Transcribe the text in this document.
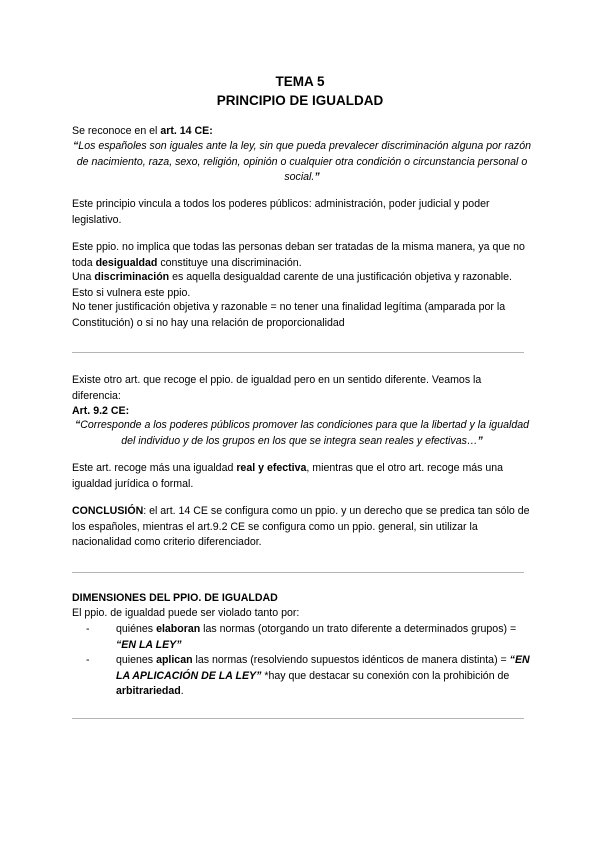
TEMA 5
PRINCIPIO DE IGUALDAD
Se reconoce en el art. 14 CE:
“Los españoles son iguales ante la ley, sin que pueda prevalecer discriminación alguna por razón de nacimiento, raza, sexo, religión, opinión o cualquier otra condición o circunstancia personal o social.”
Este principio vincula a todos los poderes públicos: administración, poder judicial y poder legislativo.
Este ppio. no implica que todas las personas deban ser tratadas de la misma manera, ya que no toda desigualdad constituye una discriminación.
Una discriminación es aquella desigualdad carente de una justificación objetiva y razonable. Esto si vulnera este ppio.
No tener justificación objetiva y razonable = no tener una finalidad legítima (amparada por la Constitución) o si no hay una relación de proporcionalidad
Existe otro art. que recoge el ppio. de igualdad pero en un sentido diferente. Veamos la diferencia:
Art. 9.2 CE:
“Corresponde a los poderes públicos promover las condiciones para que la libertad y la igualdad del individuo y de los grupos en los que se integra sean reales y efectivas…”
Este art. recoge más una igualdad real y efectiva, mientras que el otro art. recoge más una igualdad jurídica o formal.
CONCLUSIÓN: el art. 14 CE se configura como un ppio. y un derecho que se predica tan sólo de los españoles, mientras el art.9.2 CE se configura como un ppio. general, sin utilizar la nacionalidad como criterio diferenciador.
DIMENSIONES DEL PPIO. DE IGUALDAD
El ppio. de igualdad puede ser violado tanto por:
-	quiénes elaboran las normas (otorgando un trato diferente a determinados grupos) = “EN LA LEY”
-	quienes aplican las normas (resolviendo supuestos idénticos de manera distinta) = “EN LA APLICACIÓN DE LA LEY” *hay que destacar su conexión con la prohibición de arbitrariedad.
